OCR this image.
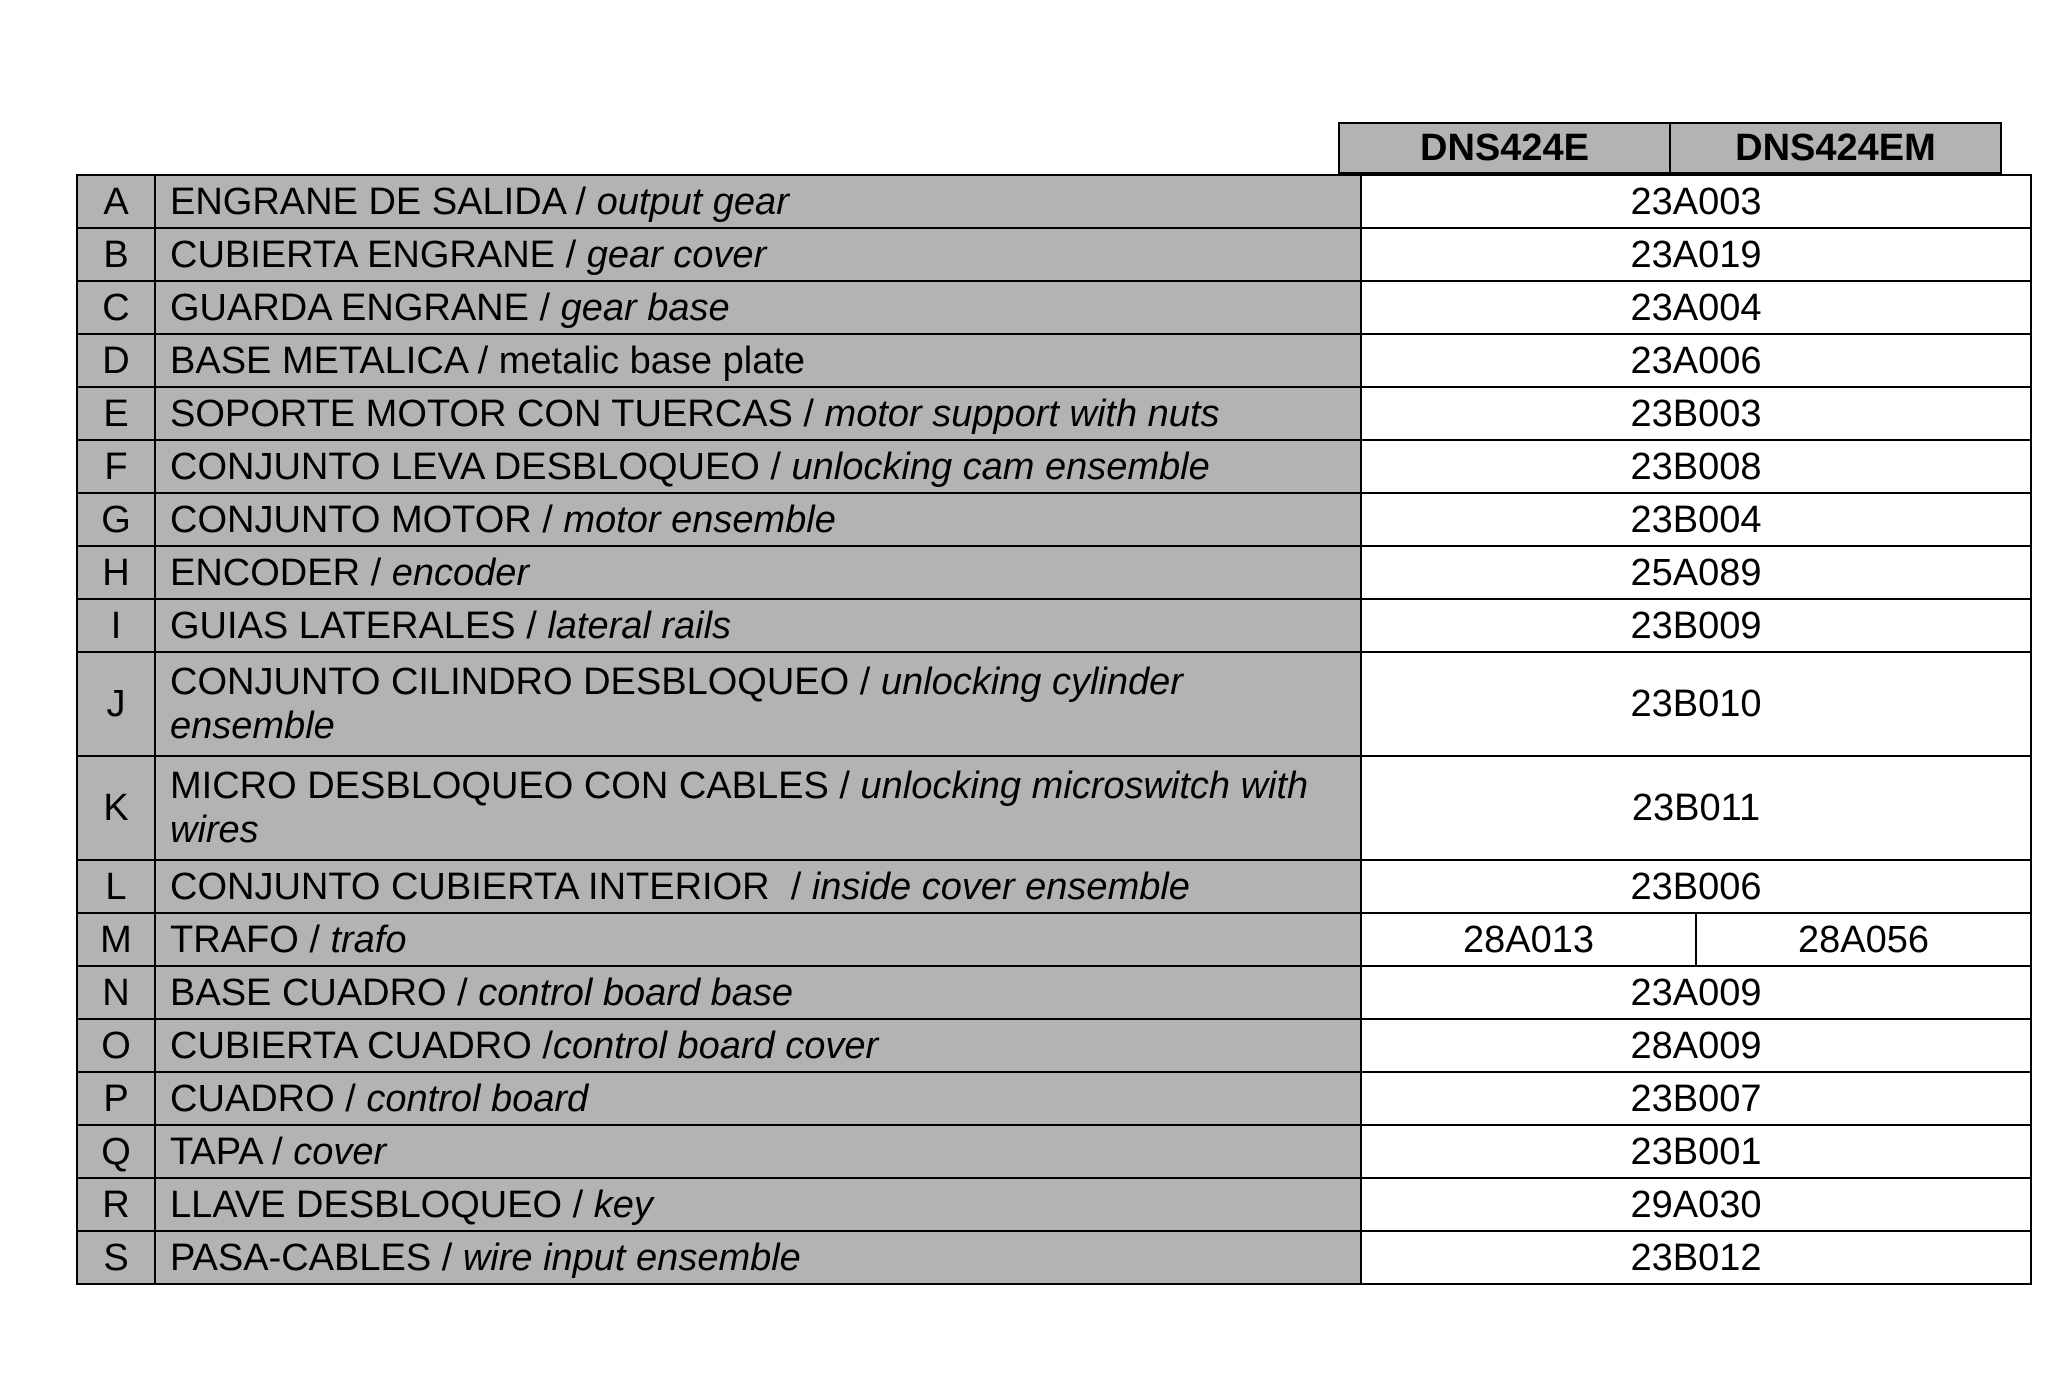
DNS424E	DNS424EM
A	ENGRANE DE SALIDA / output gear	23A003	
B	CUBIERTA ENGRANE / gear cover	23A019	
C	GUARDA ENGRANE / gear base	23A004	
D	BASE METALICA / metalic base plate	23A006	
E	SOPORTE MOTOR CON TUERCAS / motor support with nuts	23B003	
F	CONJUNTO LEVA DESBLOQUEO / unlocking cam ensemble	23B008	
G	CONJUNTO MOTOR / motor ensemble	23B004	
H	ENCODER / encoder	25A089	
I	GUIAS LATERALES / lateral rails	23B009	
J	CONJUNTO CILINDRO DESBLOQUEO / unlocking cylinder ensemble	23B010	
K	MICRO DESBLOQUEO CON CABLES / unlocking microswitch with wires	23B011	
L	CONJUNTO CUBIERTA INTERIOR  / inside cover ensemble	23B006	
M	TRAFO / trafo	28A013	28A056
N	BASE CUADRO / control board base	23A009	
O	CUBIERTA CUADRO /control board cover	28A009	
P	CUADRO / control board	23B007	
Q	TAPA / cover	23B001	
R	LLAVE DESBLOQUEO / key	29A030	
S	PASA-CABLES / wire input ensemble	23B012	
